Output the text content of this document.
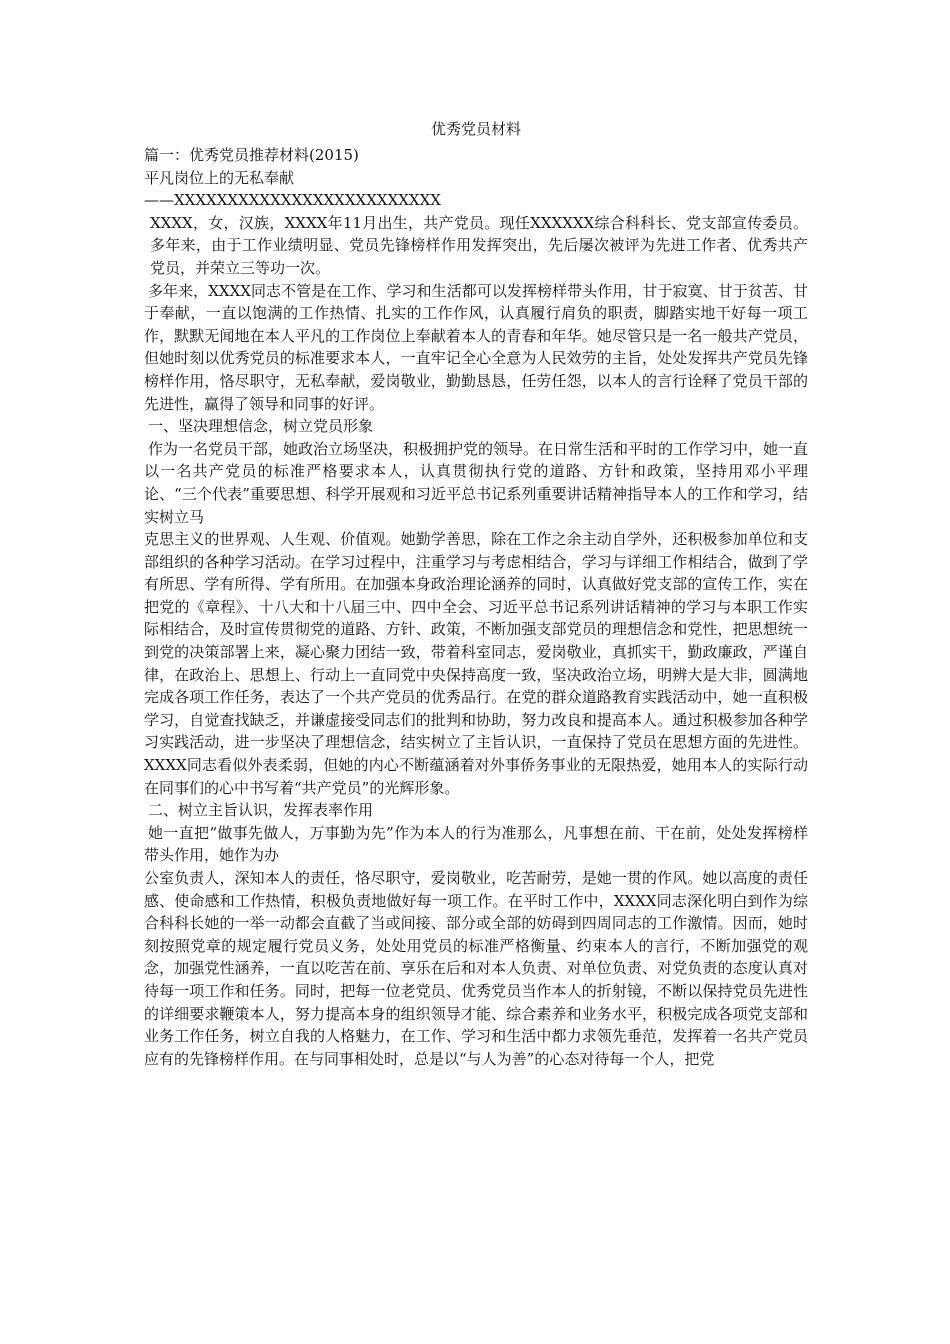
优秀党员材料

篇一：优秀党员推荐材料(2015)

平凡岗位上的无私奉献

——XXXXXXXXXXXXXXXXXXXXXXXXX

XXXX，女，汉族，XXXX年11月出生，共产党员。现任XXXXXX综合科科长、党支部宣传委员。多年来，由于工作业绩明显、党员先锋榜样作用发挥突出，先后屡次被评为先进工作者、优秀共产党员，并荣立三等功一次。

多年来，XXXX同志不管是在工作、学习和生活都可以发挥榜样带头作用，甘于寂寞、甘于贫苦、甘于奉献，一直以饱满的工作热情、扎实的工作作风，认真履行肩负的职责，脚踏实地干好每一项工作，默默无闻地在本人平凡的工作岗位上奉献着本人的青春和年华。她尽管只是一名一般共产党员，但她时刻以优秀党员的标准要求本人，一直牢记全心全意为人民效劳的主旨，处处发挥共产党员先锋榜样作用，恪尽职守，无私奉献，爱岗敬业，勤勤恳恳，任劳任怨，以本人的言行诠释了党员干部的先进性，赢得了领导和同事的好评。

一、坚决理想信念，树立党员形象

作为一名党员干部，她政治立场坚决，积极拥护党的领导。在日常生活和平时的工作学习中，她一直以一名共产党员的标准严格要求本人，认真贯彻执行党的道路、方针和政策，坚持用邓小平理论、“三个代表”重要思想、科学开展观和习近平总书记系列重要讲话精神指导本人的工作和学习，结实树立马

克思主义的世界观、人生观、价值观。她勤学善思，除在工作之余主动自学外，还积极参加单位和支部组织的各种学习活动。在学习过程中，注重学习与考虑相结合，学习与详细工作相结合，做到了学有所思、学有所得、学有所用。在加强本身政治理论涵养的同时，认真做好党支部的宣传工作，实在把党的《章程》、十八大和十八届三中、四中全会、习近平总书记系列讲话精神的学习与本职工作实际相结合，及时宣传贯彻党的道路、方针、政策，不断加强支部党员的理想信念和党性，把思想统一到党的决策部署上来，凝心聚力团结一致，带着科室同志，爱岗敬业，真抓实干，勤政廉政，严谨自律，在政治上、思想上、行动上一直同党中央保持高度一致，坚决政治立场，明辨大是大非，圆满地完成各项工作任务，表达了一个共产党员的优秀品行。在党的群众道路教育实践活动中，她一直积极学习，自觉查找缺乏，并谦虚接受同志们的批判和协助，努力改良和提高本人。通过积极参加各种学习实践活动，进一步坚决了理想信念，结实树立了主旨认识，一直保持了党员在思想方面的先进性。XXXX同志看似外表柔弱，但她的内心不断蕴涵着对外事侨务事业的无限热爱，她用本人的实际行动在同事们的心中书写着“共产党员”的光辉形象。

二、树立主旨认识，发挥表率作用

她一直把“做事先做人，万事勤为先”作为本人的行为准那么，凡事想在前、干在前，处处发挥榜样带头作用，她作为办

公室负责人，深知本人的责任，恪尽职守，爱岗敬业，吃苦耐劳，是她一贯的作风。她以高度的责任感、使命感和工作热情，积极负责地做好每一项工作。在平时工作中，XXXX同志深化明白到作为综合科科长她的一举一动都会直截了当或间接、部分或全部的妨碍到四周同志的工作激情。因而，她时刻按照党章的规定履行党员义务，处处用党员的标准严格衡量、约束本人的言行，不断加强党的观念，加强党性涵养，一直以吃苦在前、享乐在后和对本人负责、对单位负责、对党负责的态度认真对待每一项工作和任务。同时，把每一位老党员、优秀党员当作本人的折射镜，不断以保持党员先进性的详细要求鞭策本人，努力提高本身的组织领导才能、综合素养和业务水平，积极完成各项党支部和业务工作任务，树立自我的人格魅力，在工作、学习和生活中都力求领先垂范，发挥着一名共产党员应有的先锋榜样作用。在与同事相处时，总是以“与人为善”的心态对待每一个人，把党
